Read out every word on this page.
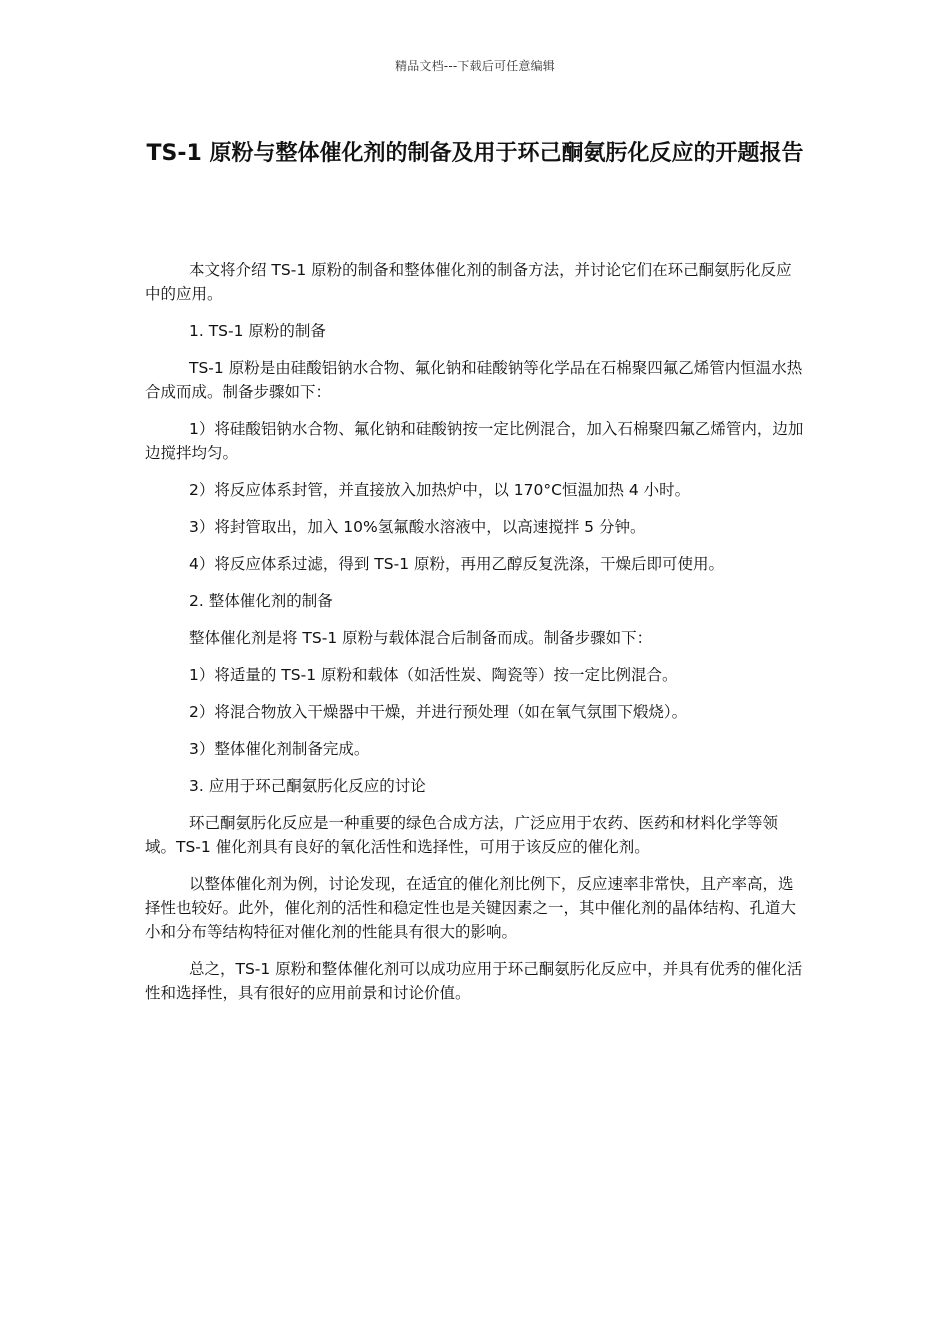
精品文档---下载后可任意编辑
TS-1 原粉与整体催化剂的制备及用于环己酮氨肟化反应的开题报告

本文将介绍 TS-1 原粉的制备和整体催化剂的制备方法，并讨论它们在环己酮氨肟化反应中的应用。

1. TS-1 原粉的制备

TS-1 原粉是由硅酸铝钠水合物、氟化钠和硅酸钠等化学品在石棉聚四氟乙烯管内恒温水热合成而成。制备步骤如下：

1）将硅酸铝钠水合物、氟化钠和硅酸钠按一定比例混合，加入石棉聚四氟乙烯管内，边加边搅拌均匀。

2）将反应体系封管，并直接放入加热炉中，以 170°C恒温加热 4 小时。

3）将封管取出，加入 10%氢氟酸水溶液中，以高速搅拌 5 分钟。

4）将反应体系过滤，得到 TS-1 原粉，再用乙醇反复洗涤，干燥后即可使用。

2. 整体催化剂的制备

整体催化剂是将 TS-1 原粉与载体混合后制备而成。制备步骤如下：

1）将适量的 TS-1 原粉和载体（如活性炭、陶瓷等）按一定比例混合。

2）将混合物放入干燥器中干燥，并进行预处理（如在氧气氛围下煅烧）。

3）整体催化剂制备完成。

3. 应用于环己酮氨肟化反应的讨论

环己酮氨肟化反应是一种重要的绿色合成方法，广泛应用于农药、医药和材料化学等领域。TS-1 催化剂具有良好的氧化活性和选择性，可用于该反应的催化剂。

以整体催化剂为例，讨论发现，在适宜的催化剂比例下，反应速率非常快，且产率高，选择性也较好。此外，催化剂的活性和稳定性也是关键因素之一，其中催化剂的晶体结构、孔道大小和分布等结构特征对催化剂的性能具有很大的影响。

总之，TS-1 原粉和整体催化剂可以成功应用于环己酮氨肟化反应中，并具有优秀的催化活性和选择性，具有很好的应用前景和讨论价值。
